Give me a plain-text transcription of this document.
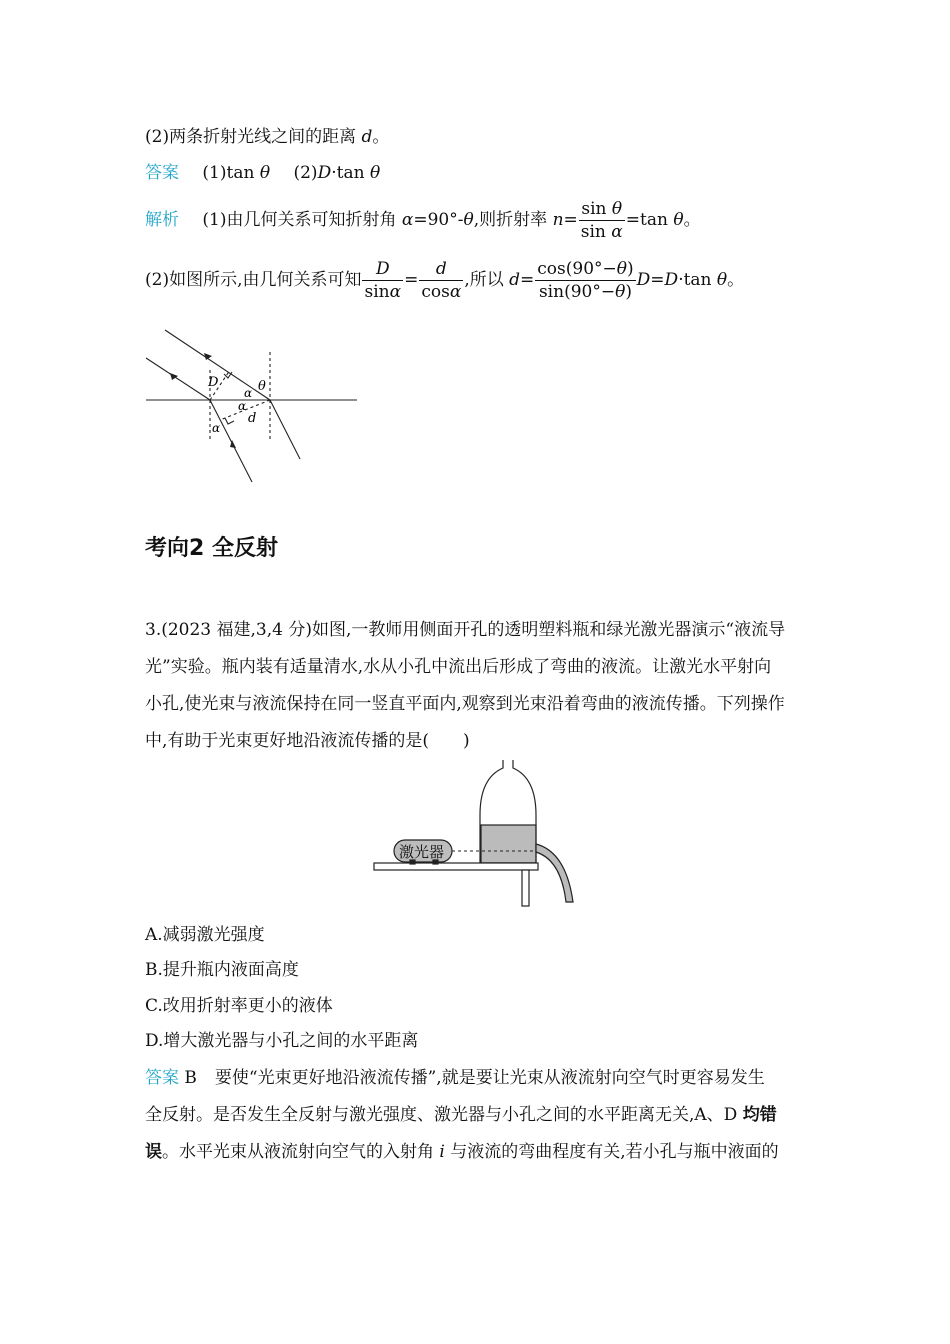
(2)两条折射光线之间的距离 d。
答案 (1)tan θ (2)D·tan θ
解析 (1)由几何关系可知折射角 α=90°-θ,则折射率 $n= \frac{\text{sin θ}}{\text{sin α}} =\tan$ θ。
(2)如图所示,由几何关系可知 $\frac{D}{\sin\alpha} = \frac{d}{\cos\alpha}$ ,所以 $d= \frac{\cos(90^\circ-\theta)}{\sin(90^\circ-\theta)} D=D\cdot\tan$ θ。
D	θ
α
α
d
α
考向2 全反射
3.(2023 福建,3,4 分)如图,一教师用侧面开孔的透明塑料瓶和绿光激光器演示“液流导
光”实验。瓶内装有适量清水,水从小孔中流出后形成了弯曲的液流。让激光水平射向
小孔,使光束与液流保持在同一竖直平面内,观察到光束沿着弯曲的液流传播。下列操作
中,有助于光束更好地沿液流传播的是(　　)
激光器
A.减弱激光强度
B.提升瓶内液面高度
C.改用折射率更小的液体
D.增大激光器与小孔之间的水平距离
答案 B 要使“光束更好地沿液流传播”,就是要让光束从液流射向空气时更容易发生
全反射。是否发生全反射与激光强度、激光器与小孔之间的水平距离无关,A、D 均错
误。水平光束从液流射向空气的入射角 i 与液流的弯曲程度有关,若小孔与瓶中液面的
